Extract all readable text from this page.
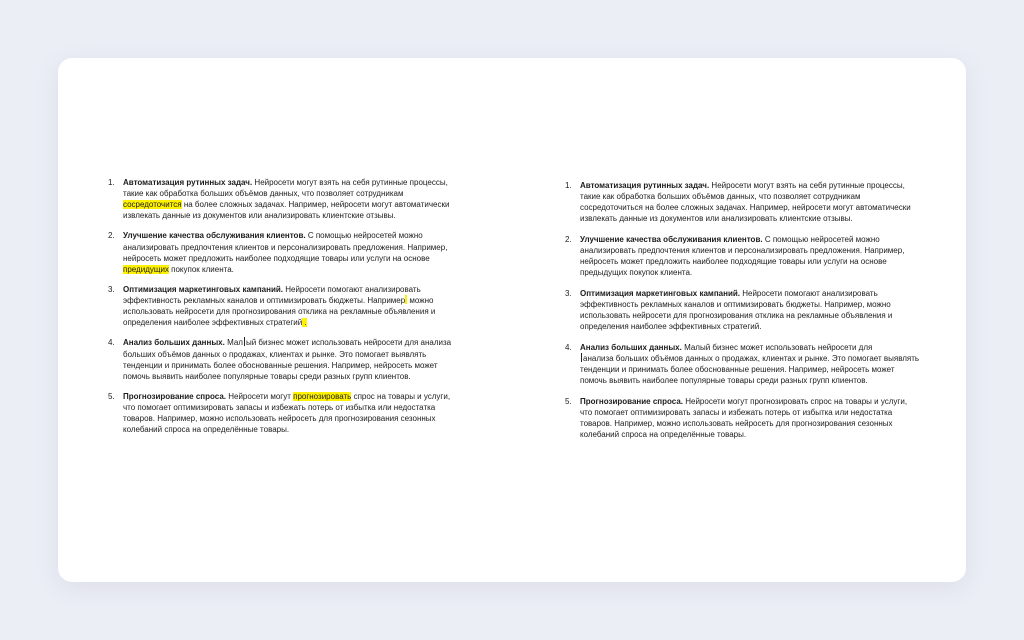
1. Автоматизация рутинных задач. Нейросети могут взять на себя рутинные процессы, такие как обработка больших объёмов данных, что позволяет сотрудникам сосредоточится на более сложных задачах. Например, нейросети могут автоматически извлекать данные из документов или анализировать клиентские отзывы.
2. Улучшение качества обслуживания клиентов. С помощью нейросетей можно анализировать предпочтения клиентов и персонализировать предложения. Например, нейросеть может предложить наиболее подходящие товары или услуги на основе предидущих покупок клиента.
3. Оптимизация маркетинговых кампаний. Нейросети помогают анализировать эффективность рекламных каналов и оптимизировать бюджеты. Например можно использовать нейросети для прогнозирования отклика на рекламные объявления и определения наиболее эффективных стратегий .
4. Анализ больших данных. Мал ый бизнес может использовать нейросети для анализа больших объёмов данных о продажах, клиентах и рынке. Это помогает выявлять тенденции и принимать более обоснованные решения. Например, нейросеть может помочь выявить наиболее популярные товары среди разных групп клиентов.
5. Прогнозирование спроса. Нейросети могут прогнозировать спрос на товары и услуги, что помогает оптимизировать запасы и избежать потерь от избытка или недостатка товаров. Например, можно использовать нейросеть для прогнозирования сезонных колебаний спроса на определённые товары.
1. Автоматизация рутинных задач. Нейросети могут взять на себя рутинные процессы, такие как обработка больших объёмов данных, что позволяет сотрудникам сосредоточиться на более сложных задачах. Например, нейросети могут автоматически извлекать данные из документов или анализировать клиентские отзывы.
2. Улучшение качества обслуживания клиентов. С помощью нейросетей можно анализировать предпочтения клиентов и персонализировать предложения. Например, нейросеть может предложить наиболее подходящие товары или услуги на основе предыдущих покупок клиента.
3. Оптимизация маркетинговых кампаний. Нейросети помогают анализировать эффективность рекламных каналов и оптимизировать бюджеты. Например, можно использовать нейросети для прогнозирования отклика на рекламные объявления и определения наиболее эффективных стратегий.
4. Анализ больших данных. Малый бизнес может использовать нейросети для
анализа больших объёмов данных о продажах, клиентах и рынке. Это помогает выявлять тенденции и принимать более обоснованные решения. Например, нейросеть может помочь выявить наиболее популярные товары среди разных групп клиентов.
5. Прогнозирование спроса. Нейросети могут прогнозировать спрос на товары и услуги, что помогает оптимизировать запасы и избежать потерь от избытка или недостатка товаров. Например, можно использовать нейросеть для прогнозирования сезонных колебаний спроса на определённые товары.
